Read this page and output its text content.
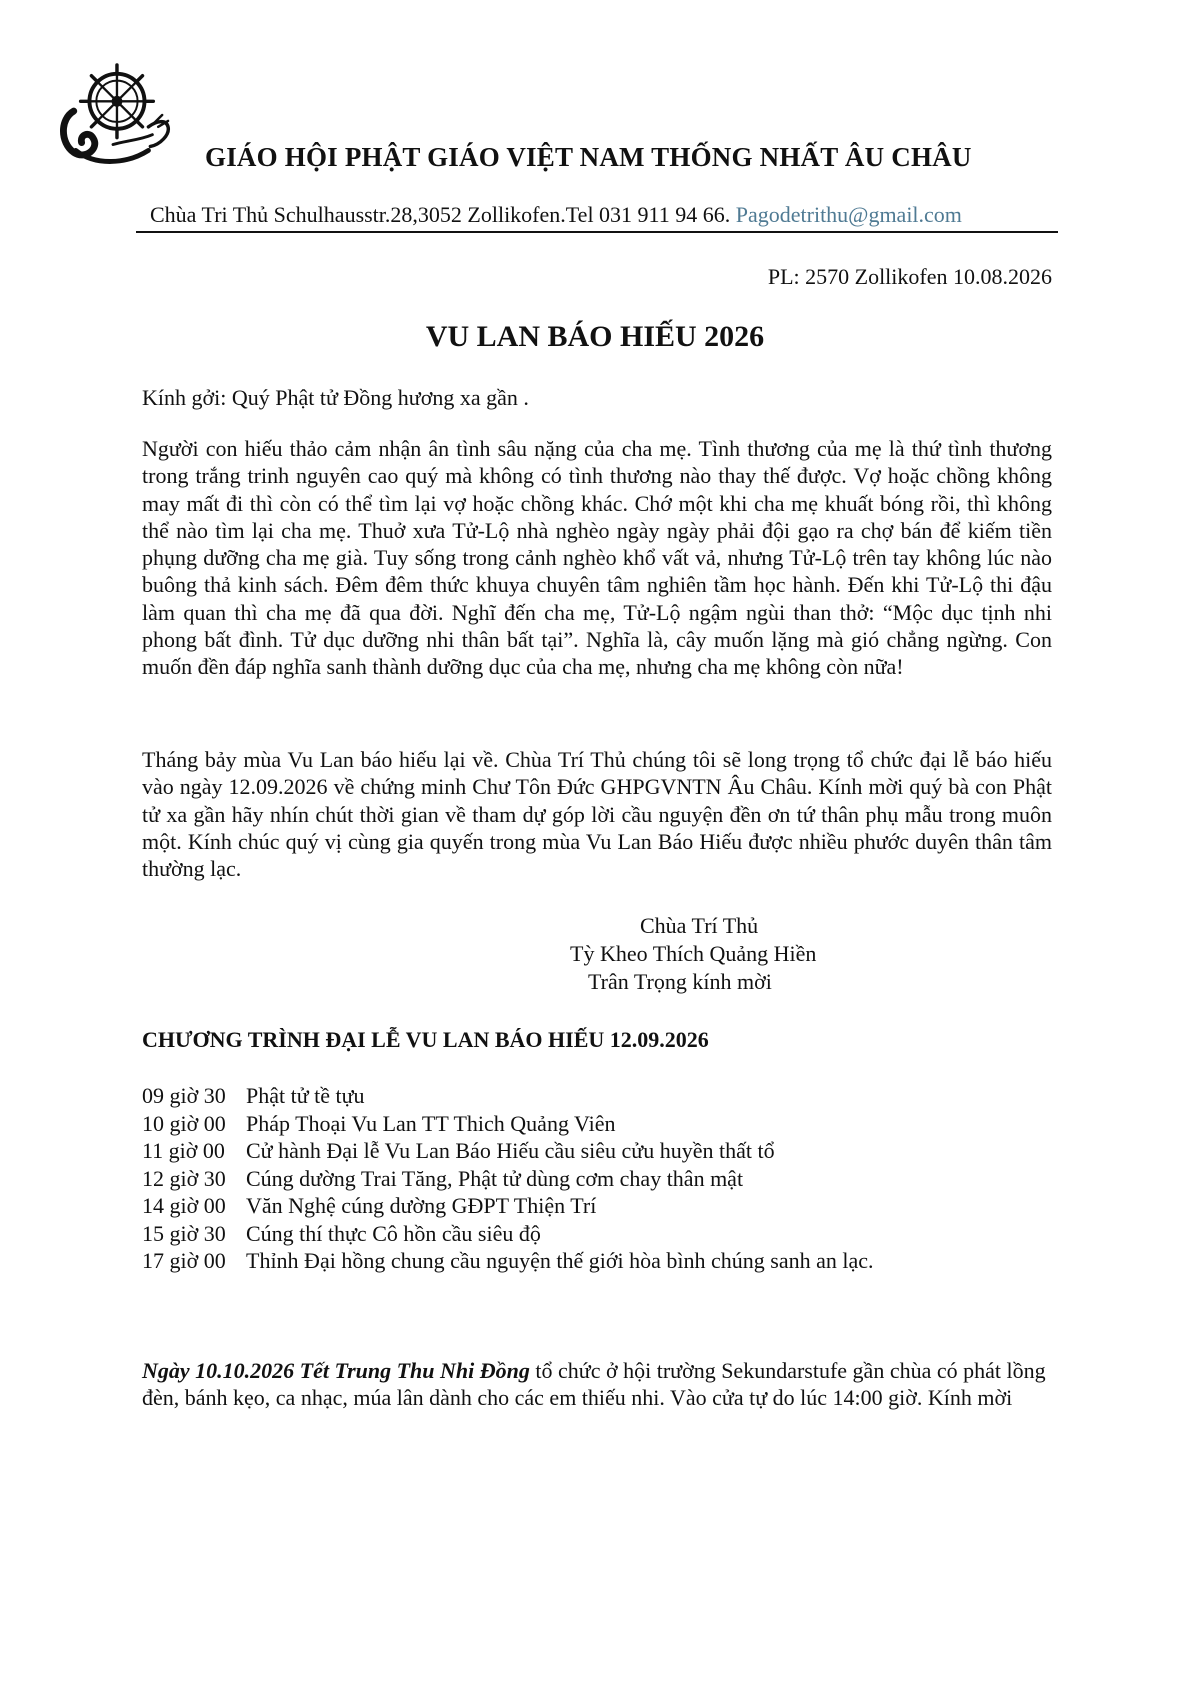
GIÁO HỘI PHẬT GIÁO VIỆT NAM THỐNG NHẤT ÂU CHÂU
Chùa Tri Thủ Schulhausstr.28,3052 Zollikofen.Tel 031 911 94 66. Pagodetrithu@gmail.com
PL: 2570 Zollikofen 10.08.2026
VU LAN BÁO HIẾU 2026
Kính gởi: Quý Phật tử Đồng hương xa gần .
Người con hiếu thảo cảm nhận ân tình sâu nặng của cha mẹ. Tình thương của mẹ là thứ tình thương trong trắng trinh nguyên cao quý mà không có tình thương nào thay thế được. Vợ hoặc chồng không may mất đi thì còn có thể tìm lại vợ hoặc chồng khác. Chớ một khi cha mẹ khuất bóng rồi, thì không thể nào tìm lại cha mẹ. Thuở xưa Tử-Lộ nhà nghèo ngày ngày phải đội gạo ra chợ bán để kiếm tiền phụng dưỡng cha mẹ già. Tuy sống trong cảnh nghèo khổ vất vả, nhưng Tử-Lộ trên tay không lúc nào buông thả kinh sách. Đêm đêm thức khuya chuyên tâm nghiên tầm học hành. Đến khi Tử-Lộ thi đậu làm quan thì cha mẹ đã qua đời. Nghĩ đến cha mẹ, Tử-Lộ ngậm ngùi than thở: “Mộc dục tịnh nhi phong bất đình. Tử dục dưỡng nhi thân bất tại”. Nghĩa là, cây muốn lặng mà gió chẳng ngừng. Con muốn đền đáp nghĩa sanh thành dưỡng dục của cha mẹ, nhưng cha mẹ không còn nữa!
Tháng bảy mùa Vu Lan báo hiếu lại về. Chùa Trí Thủ chúng tôi sẽ long trọng tổ chức đại lễ báo hiếu vào ngày 12.09.2026 về chứng minh Chư Tôn Đức GHPGVNTN Âu Châu. Kính mời quý bà con Phật tử xa gần hãy nhín chút thời gian về tham dự góp lời cầu nguyện đền ơn tứ thân phụ mẫu trong muôn một. Kính chúc quý vị cùng gia quyến trong mùa Vu Lan Báo Hiếu được nhiều phước duyên thân tâm thường lạc.
Chùa Trí Thủ
Tỳ Kheo Thích Quảng Hiền
Trân Trọng kính mời
CHƯƠNG TRÌNH ĐẠI LỄ VU LAN BÁO HIẾU 12.09.2026
09 giờ 30 Phật tử tề tựu
10 giờ 00 Pháp Thoại Vu Lan TT Thich Quảng Viên
11 giờ 00 Cử hành Đại lễ Vu Lan Báo Hiếu cầu siêu cửu huyền thất tổ
12 giờ 30 Cúng dường Trai Tăng, Phật tử dùng cơm chay thân mật
14 giờ 00 Văn Nghệ cúng dường GĐPT Thiện Trí
15 giờ 30 Cúng thí thực Cô hồn cầu siêu độ
17 giờ 00 Thỉnh Đại hồng chung cầu nguyện thế giới hòa bình chúng sanh an lạc.
Ngày 10.10.2026 Tết Trung Thu Nhi Đồng tổ chức ở hội trường Sekundarstufe gần chùa có phát lồng đèn, bánh kẹo, ca nhạc, múa lân dành cho các em thiếu nhi. Vào cửa tự do lúc 14:00 giờ. Kính mời
